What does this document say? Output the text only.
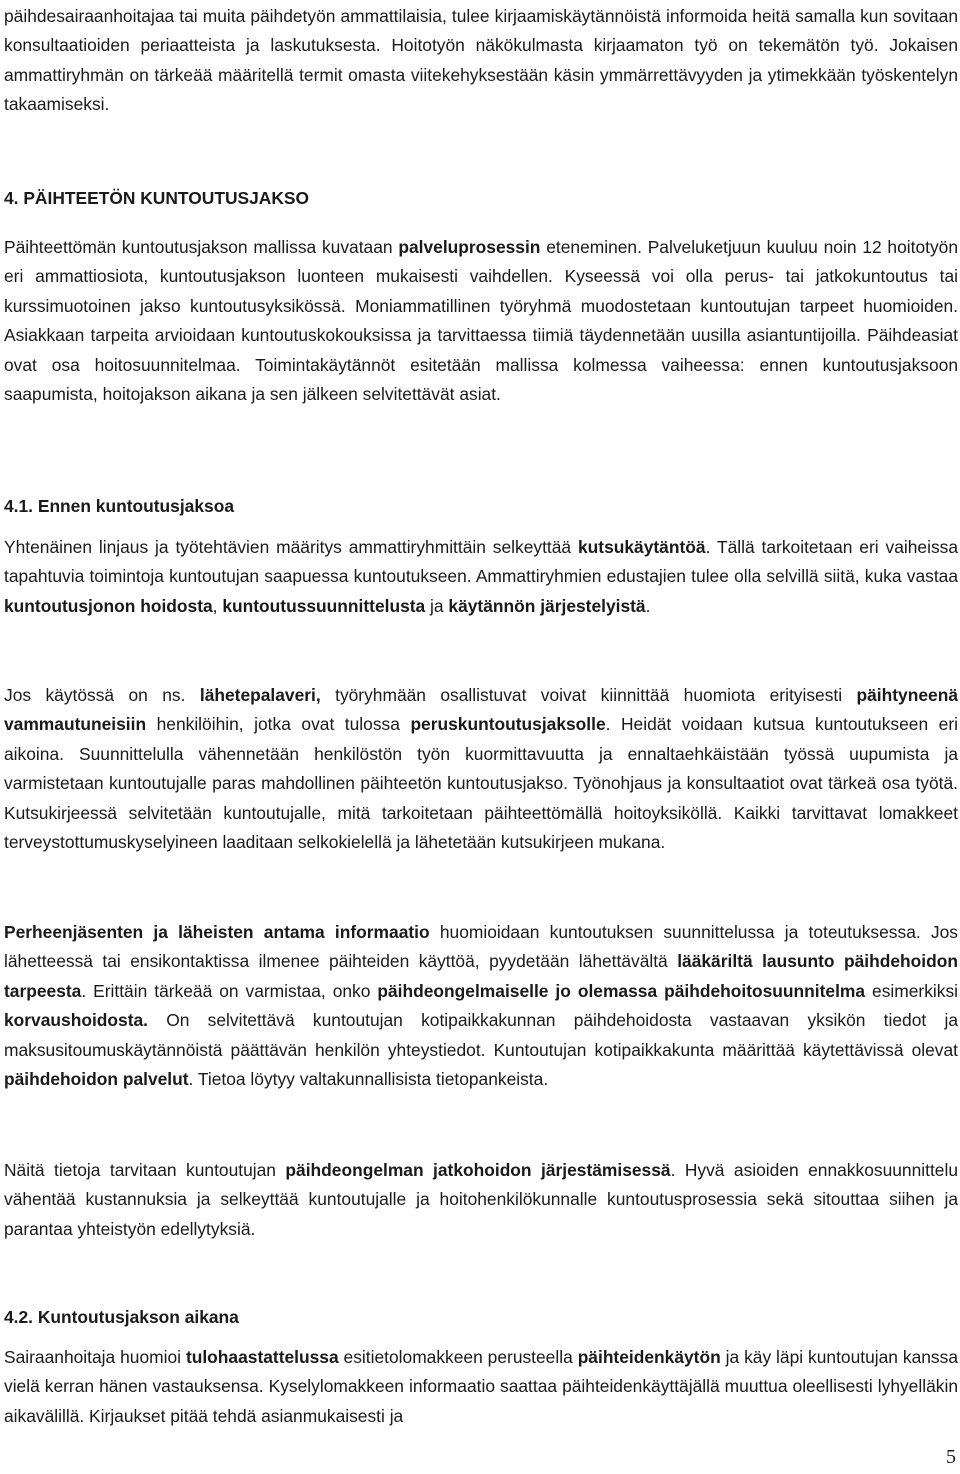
päihdesairaanhoitajaa tai muita päihdetyön ammattilaisia, tulee kirjaamiskäytännöistä informoida heitä samalla kun sovitaan konsultaatioiden periaatteista ja laskutuksesta. Hoitotyön näkökulmasta kirjaamaton työ on tekemätön työ. Jokaisen ammattiryhmän on tärkeää määritellä termit omasta viitekehyksestään käsin ymmärrettävyyden ja ytimekkään työskentelyn takaamiseksi.

4. PÄIHTEETÖN KUNTOUTUSJAKSO

Päihteettömän kuntoutusjakson mallissa kuvataan palveluprosessin eteneminen. Palveluketjuun kuuluu noin 12 hoitotyön eri ammattiosiota, kuntoutusjakson luonteen mukaisesti vaihdellen. Kyseessä voi olla perus- tai jatkokuntoutus tai kurssimuotoinen jakso kuntoutusyksikössä. Moniammatillinen työryhmä muodostetaan kuntoutujan tarpeet huomioiden. Asiakkaan tarpeita arvioidaan kuntoutuskokouksissa ja tarvittaessa tiimiä täydennetään uusilla asiantuntijoilla. Päihdeasiat ovat osa hoitosuunnitelmaa. Toimintakäytännöt esitetään mallissa kolmessa vaiheessa: ennen kuntoutusjaksoon saapumista, hoitojakson aikana ja sen jälkeen selvitettävät asiat.

4.1. Ennen kuntoutusjaksoa

Yhtenäinen linjaus ja työtehtävien määritys ammattiryhmittäin selkeyttää kutsukäytäntöä. Tällä tarkoitetaan eri vaiheissa tapahtuvia toimintoja kuntoutujan saapuessa kuntoutukseen. Ammattiryhmien edustajien tulee olla selvillä siitä, kuka vastaa kuntoutusjonon hoidosta, kuntoutussuunnittelusta ja käytännön järjestelyistä.

Jos käytössä on ns. lähetepalaveri, työryhmään osallistuvat voivat kiinnittää huomiota erityisesti päihtyneenä vammautuneisiin henkilöihin, jotka ovat tulossa peruskuntoutusjaksolle. Heidät voidaan kutsua kuntoutukseen eri aikoina. Suunnittelulla vähennetään henkilöstön työn kuormittavuutta ja ennaltaehkäistään työssä uupumista ja varmistetaan kuntoutujalle paras mahdollinen päihteetön kuntoutusjakso. Työnohjaus ja konsultaatiot ovat tärkeä osa työtä. Kutsukirjeessä selvitetään kuntoutujalle, mitä tarkoitetaan päihteettömällä hoitoyksiköllä. Kaikki tarvittavat lomakkeet terveystottumuskyselyineen laaditaan selkokielellä ja lähetetään kutsukirjeen mukana.

Perheenjäsenten ja läheisten antama informaatio huomioidaan kuntoutuksen suunnittelussa ja toteutuksessa. Jos lähetteessä tai ensikontaktissa ilmenee päihteiden käyttöä, pyydetään lähettävältä lääkäriltä lausunto päihdehoidon tarpeesta. Erittäin tärkeää on varmistaa, onko päihdeongelmaiselle jo olemassa päihdehoitosuunnitelma esimerkiksi korvaushoidosta. On selvitettävä kuntoutujan kotipaikkakunnan päihdehoidosta vastaavan yksikön tiedot ja maksusitoumuskäytännöistä päättävän henkilön yhteystiedot. Kuntoutujan kotipaikkakunta määrittää käytettävissä olevat päihdehoidon palvelut. Tietoa löytyy valtakunnallisista tietopankeista.

Näitä tietoja tarvitaan kuntoutujan päihdeongelman jatkohoidon järjestämisessä. Hyvä asioiden ennakkosuunnittelu vähentää kustannuksia ja selkeyttää kuntoutujalle ja hoitohenkilökunnalle kuntoutusprosessia sekä sitouttaa siihen ja parantaa yhteistyön edellytyksiä.

4.2. Kuntoutusjakson aikana

Sairaanhoitaja huomioi tulohaastattelussa esitietolomakkeen perusteella päihteidenkäytön ja käy läpi kuntoutujan kanssa vielä kerran hänen vastauksensa. Kyselylomakkeen informaatio saattaa päihteidenkäyttäjällä muuttua oleellisesti lyhyelläkin aikavälillä. Kirjaukset pitää tehdä asianmukaisesti ja

5
